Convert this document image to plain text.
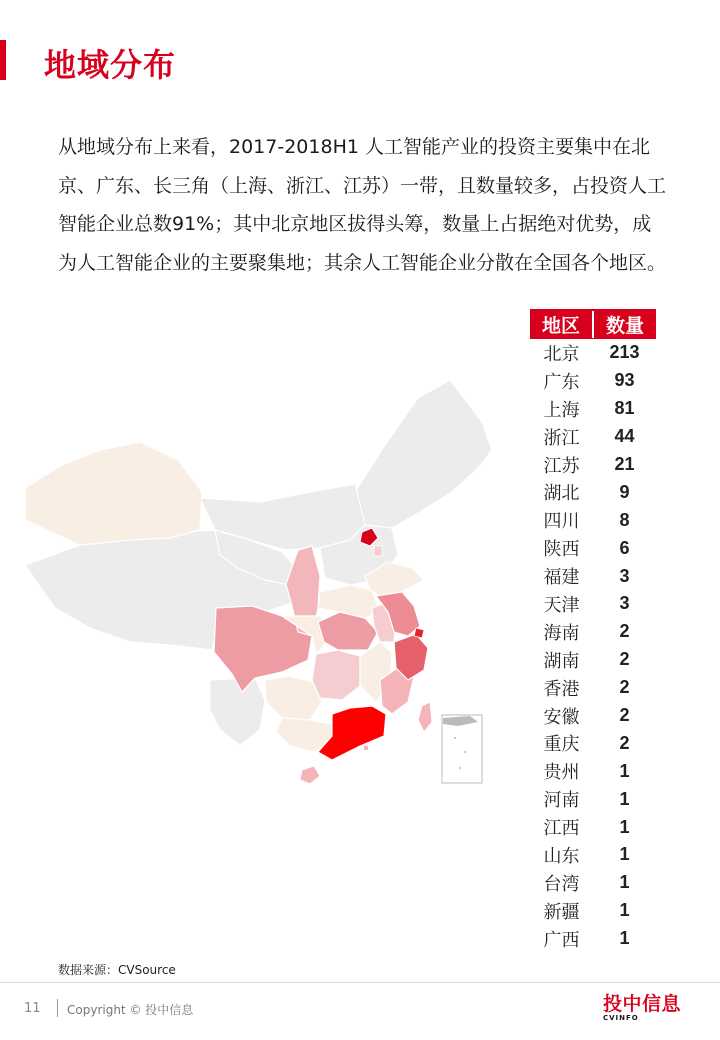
地域分布
从地域分布上来看，2017-2018H1 人工智能产业的投资主要集中在北京、广东、长三角（上海、浙江、江苏）一带，且数量较多，占投资人工智能企业总数91%；其中北京地区拔得头筹，数量上占据绝对优势，成为人工智能企业的主要聚集地；其余人工智能企业分散在全国各个地区。
地区	数量
北京	213
广东	93
上海	81
浙江	44
江苏	21
湖北	9
四川	8
陕西	6
福建	3
天津	3
海南	2
湖南	2
香港	2
安徽	2
重庆	2
贵州	1
河南	1
江西	1
山东	1
台湾	1
新疆	1
广西	1
数据来源：CVSource
11 Copyright © 投中信息	投中信息
CVINFO
